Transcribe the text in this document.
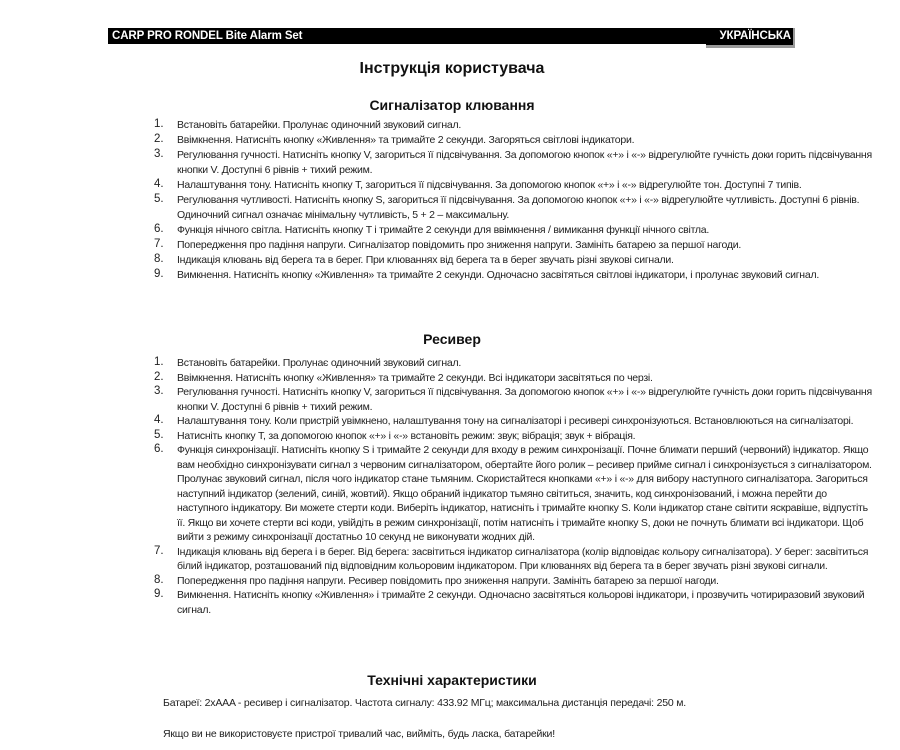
CARP PRO RONDEL Bite Alarm Set	УКРАЇНСЬКА
Інструкція користувача
Сигналізатор клювання
1. Встановіть батарейки. Пролунає одиночний звуковий сигнал.
2. Ввімкнення. Натисніть кнопку «Живлення» та тримайте 2 секунди. Загоряться світлові індикатори.
3. Регулювання гучності. Натисніть кнопку V, загориться її підсвічування. За допомогою кнопок «+» і «-» відрегулюйте гучність доки горить підсвічування кнопки V. Доступні 6 рівнів + тихий режим.
4. Налаштування тону. Натисніть кнопку T, загориться її підсвічування. За допомогою кнопок «+» і «-» відрегулюйте тон. Доступні 7 типів.
5. Регулювання чутливості. Натисніть кнопку S, загориться її підсвічування. За допомогою кнопок «+» і «-» відрегулюйте чутливість. Доступні 6 рівнів. Одиночний сигнал означає мінімальну чутливість, 5 + 2 – максимальну.
6. Функція нічного світла. Натисніть кнопку T і тримайте 2 секунди для ввімкнення / вимикання функції нічного світла.
7. Попередження про падіння напруги. Сигналізатор повідомить про зниження напруги. Замініть батарею за першої нагоди.
8. Індикація клювань від берега та в берег. При клюваннях від берега та в берег звучать різні звукові сигнали.
9. Вимкнення. Натисніть кнопку «Живлення» та тримайте 2 секунди. Одночасно засвітяться світлові індикатори, і пролунає звуковий сигнал.
Ресивер
1. Встановіть батарейки. Пролунає одиночний звуковий сигнал.
2. Ввімкнення. Натисніть кнопку «Живлення» та тримайте 2 секунди. Всі індикатори засвітяться по черзі.
3. Регулювання гучності. Натисніть кнопку V, загориться її підсвічування. За допомогою кнопок «+» і «-» відрегулюйте гучність доки горить підсвічування кнопки V. Доступні 6 рівнів + тихий режим.
4. Налаштування тону. Коли пристрій увімкнено, налаштування тону на сигналізаторі і ресивері синхронізуються. Встановлюються на сигналізаторі.
5. Натисніть кнопку T, за допомогою кнопок «+» і «-» встановіть режим: звук; вібрація; звук + вібрація.
6. Функція синхронізації. Натисніть кнопку S і тримайте 2 секунди для входу в режим синхронізації. Почне блимати перший (червоний) індикатор. Якщо вам необхідно синхронізувати сигнал з червоним сигналізатором, обертайте його ролик – ресивер прийме сигнал і синхронізується з сигналізатором. Пролунає звуковий сигнал, після чого індикатор стане тьмяним. Скористайтеся кнопками «+» і «-» для вибору наступного сигналізатора. Загориться наступний індикатор (зелений, синій, жовтий). Якщо обраний індикатор тьмяно світиться, значить, код синхронізований, і можна перейти до наступного індикатору. Ви можете стерти коди. Виберіть індикатор, натисніть і тримайте кнопку S. Коли індикатор стане світити яскравіше, відпустіть її. Якщо ви хочете стерти всі коди, увійдіть в режим синхронізації, потім натисніть і тримайте кнопку S, доки не почнуть блимати всі індикатори. Щоб вийти з режиму синхронізації достатньо 10 секунд не виконувати жодних дій.
7. Індикація клювань від берега і в берег. Від берега: засвітиться індикатор сигналізатора (колір відповідає кольору сигналізатора). У берег: засвітиться білий індикатор, розташований під відповідним кольоровим індикатором. При клюваннях від берега та в берег звучать різні звукові сигнали.
8. Попередження про падіння напруги. Ресивер повідомить про зниження напруги. Замініть батарею за першої нагоди.
9. Вимкнення. Натисніть кнопку «Живлення» і тримайте 2 секунди. Одночасно засвітяться кольорові індикатори, і прозвучить чотириразовий звуковий сигнал.
Технічні характеристики

Батареї: 2xAAA - ресивер і сигналізатор. Частота сигналу: 433.92 МГц; максимальна дистанція передачі: 250 м.

Якщо ви не використовуєте пристрої тривалий час, вийміть, будь ласка, батарейки!
